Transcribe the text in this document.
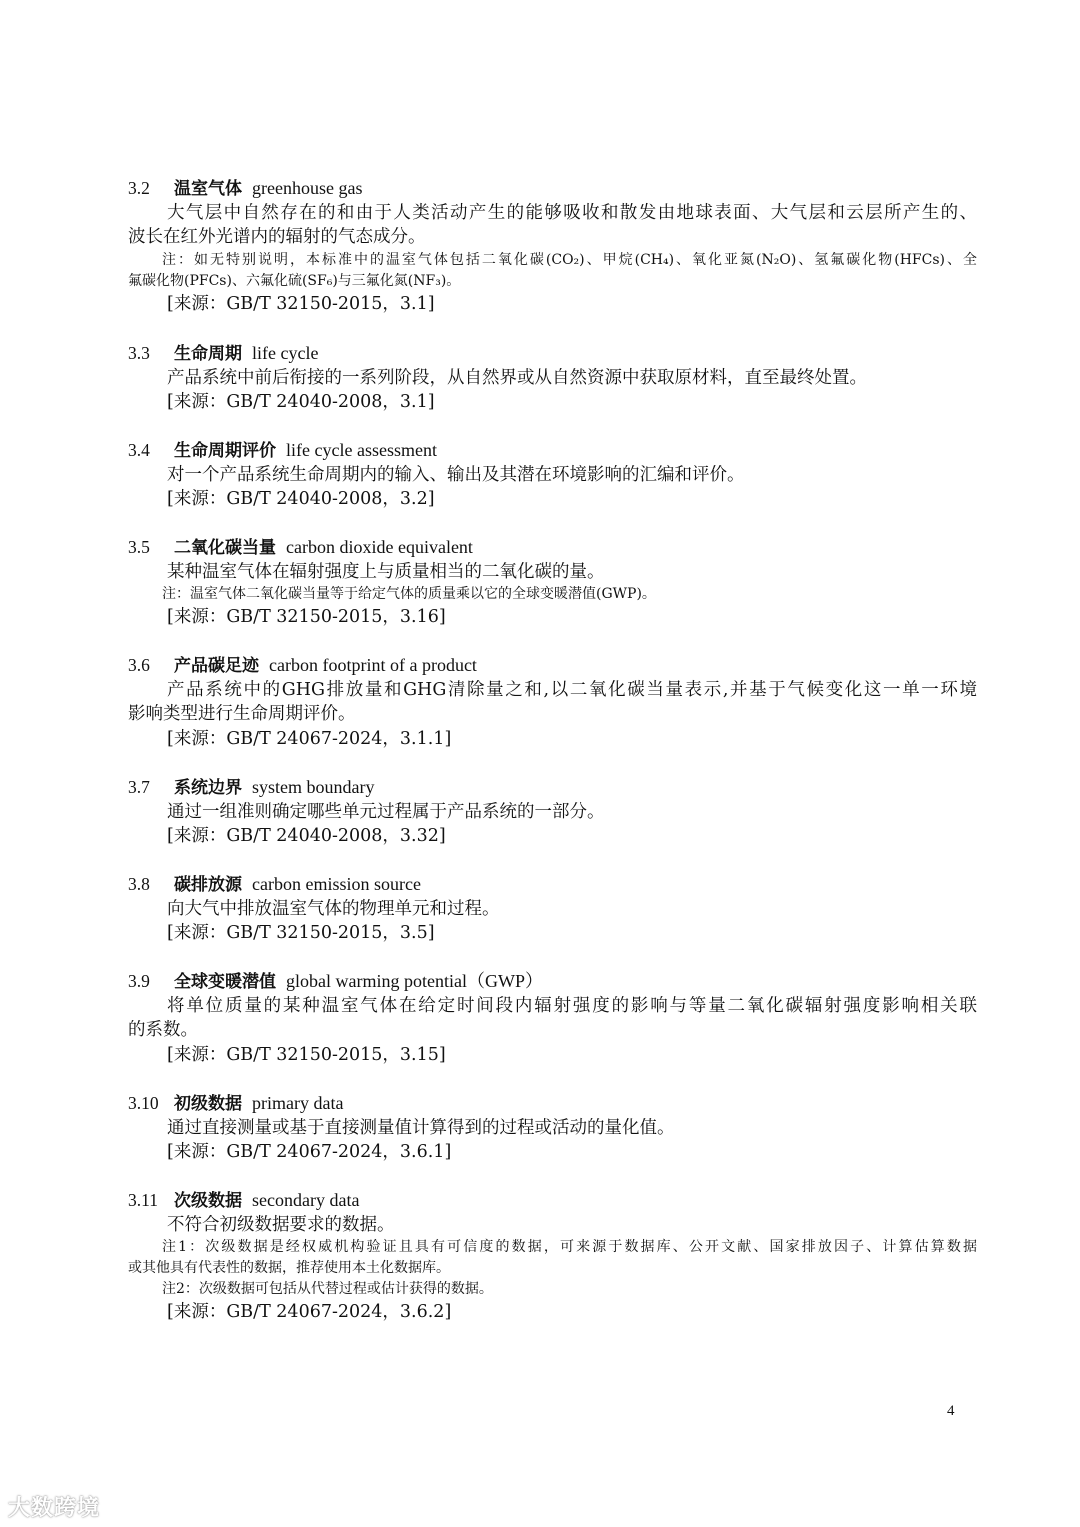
3.2 温室气体 greenhouse gas
大气层中自然存在的和由于人类活动产生的能够吸收和散发由地球表面、大气层和云层所产生的、
波长在红外光谱内的辐射的气态成分。
注：如无特别说明，本标准中的温室气体包括二氧化碳(CO₂)、甲烷(CH₄)、氧化亚氮(N₂O)、氢氟碳化物(HFCs)、全
氟碳化物(PFCs)、六氟化硫(SF₆)与三氟化氮(NF₃)。
[来源：GB/T 32150-2015，3.1]
3.3 生命周期 life cycle
产品系统中前后衔接的一系列阶段，从自然界或从自然资源中获取原材料，直至最终处置。
[来源：GB/T 24040-2008，3.1]
3.4 生命周期评价 life cycle assessment
对一个产品系统生命周期内的输入、输出及其潜在环境影响的汇编和评价。
[来源：GB/T 24040-2008，3.2]
3.5 二氧化碳当量 carbon dioxide equivalent
某种温室气体在辐射强度上与质量相当的二氧化碳的量。
注：温室气体二氧化碳当量等于给定气体的质量乘以它的全球变暖潜值(GWP)。
[来源：GB/T 32150-2015，3.16]
3.6 产品碳足迹 carbon footprint of a product
产品系统中的GHG排放量和GHG清除量之和,以二氧化碳当量表示,并基于气候变化这一单一环境
影响类型进行生命周期评价。
[来源：GB/T 24067-2024，3.1.1]
3.7 系统边界 system boundary
通过一组准则确定哪些单元过程属于产品系统的一部分。
[来源：GB/T 24040-2008，3.32]
3.8 碳排放源 carbon emission source
向大气中排放温室气体的物理单元和过程。
[来源：GB/T 32150-2015，3.5]
3.9 全球变暖潜值 global warming potential（GWP）
将单位质量的某种温室气体在给定时间段内辐射强度的影响与等量二氧化碳辐射强度影响相关联
的系数。
[来源：GB/T 32150-2015，3.15]
3.10 初级数据 primary data
通过直接测量或基于直接测量值计算得到的过程或活动的量化值。
[来源：GB/T 24067-2024，3.6.1]
3.11 次级数据 secondary data
不符合初级数据要求的数据。
注1：次级数据是经权威机构验证且具有可信度的数据，可来源于数据库、公开文献、国家排放因子、计算估算数据
或其他具有代表性的数据，推荐使用本土化数据库。
注2：次级数据可包括从代替过程或估计获得的数据。
[来源：GB/T 24067-2024，3.6.2]
4
大数跨境
